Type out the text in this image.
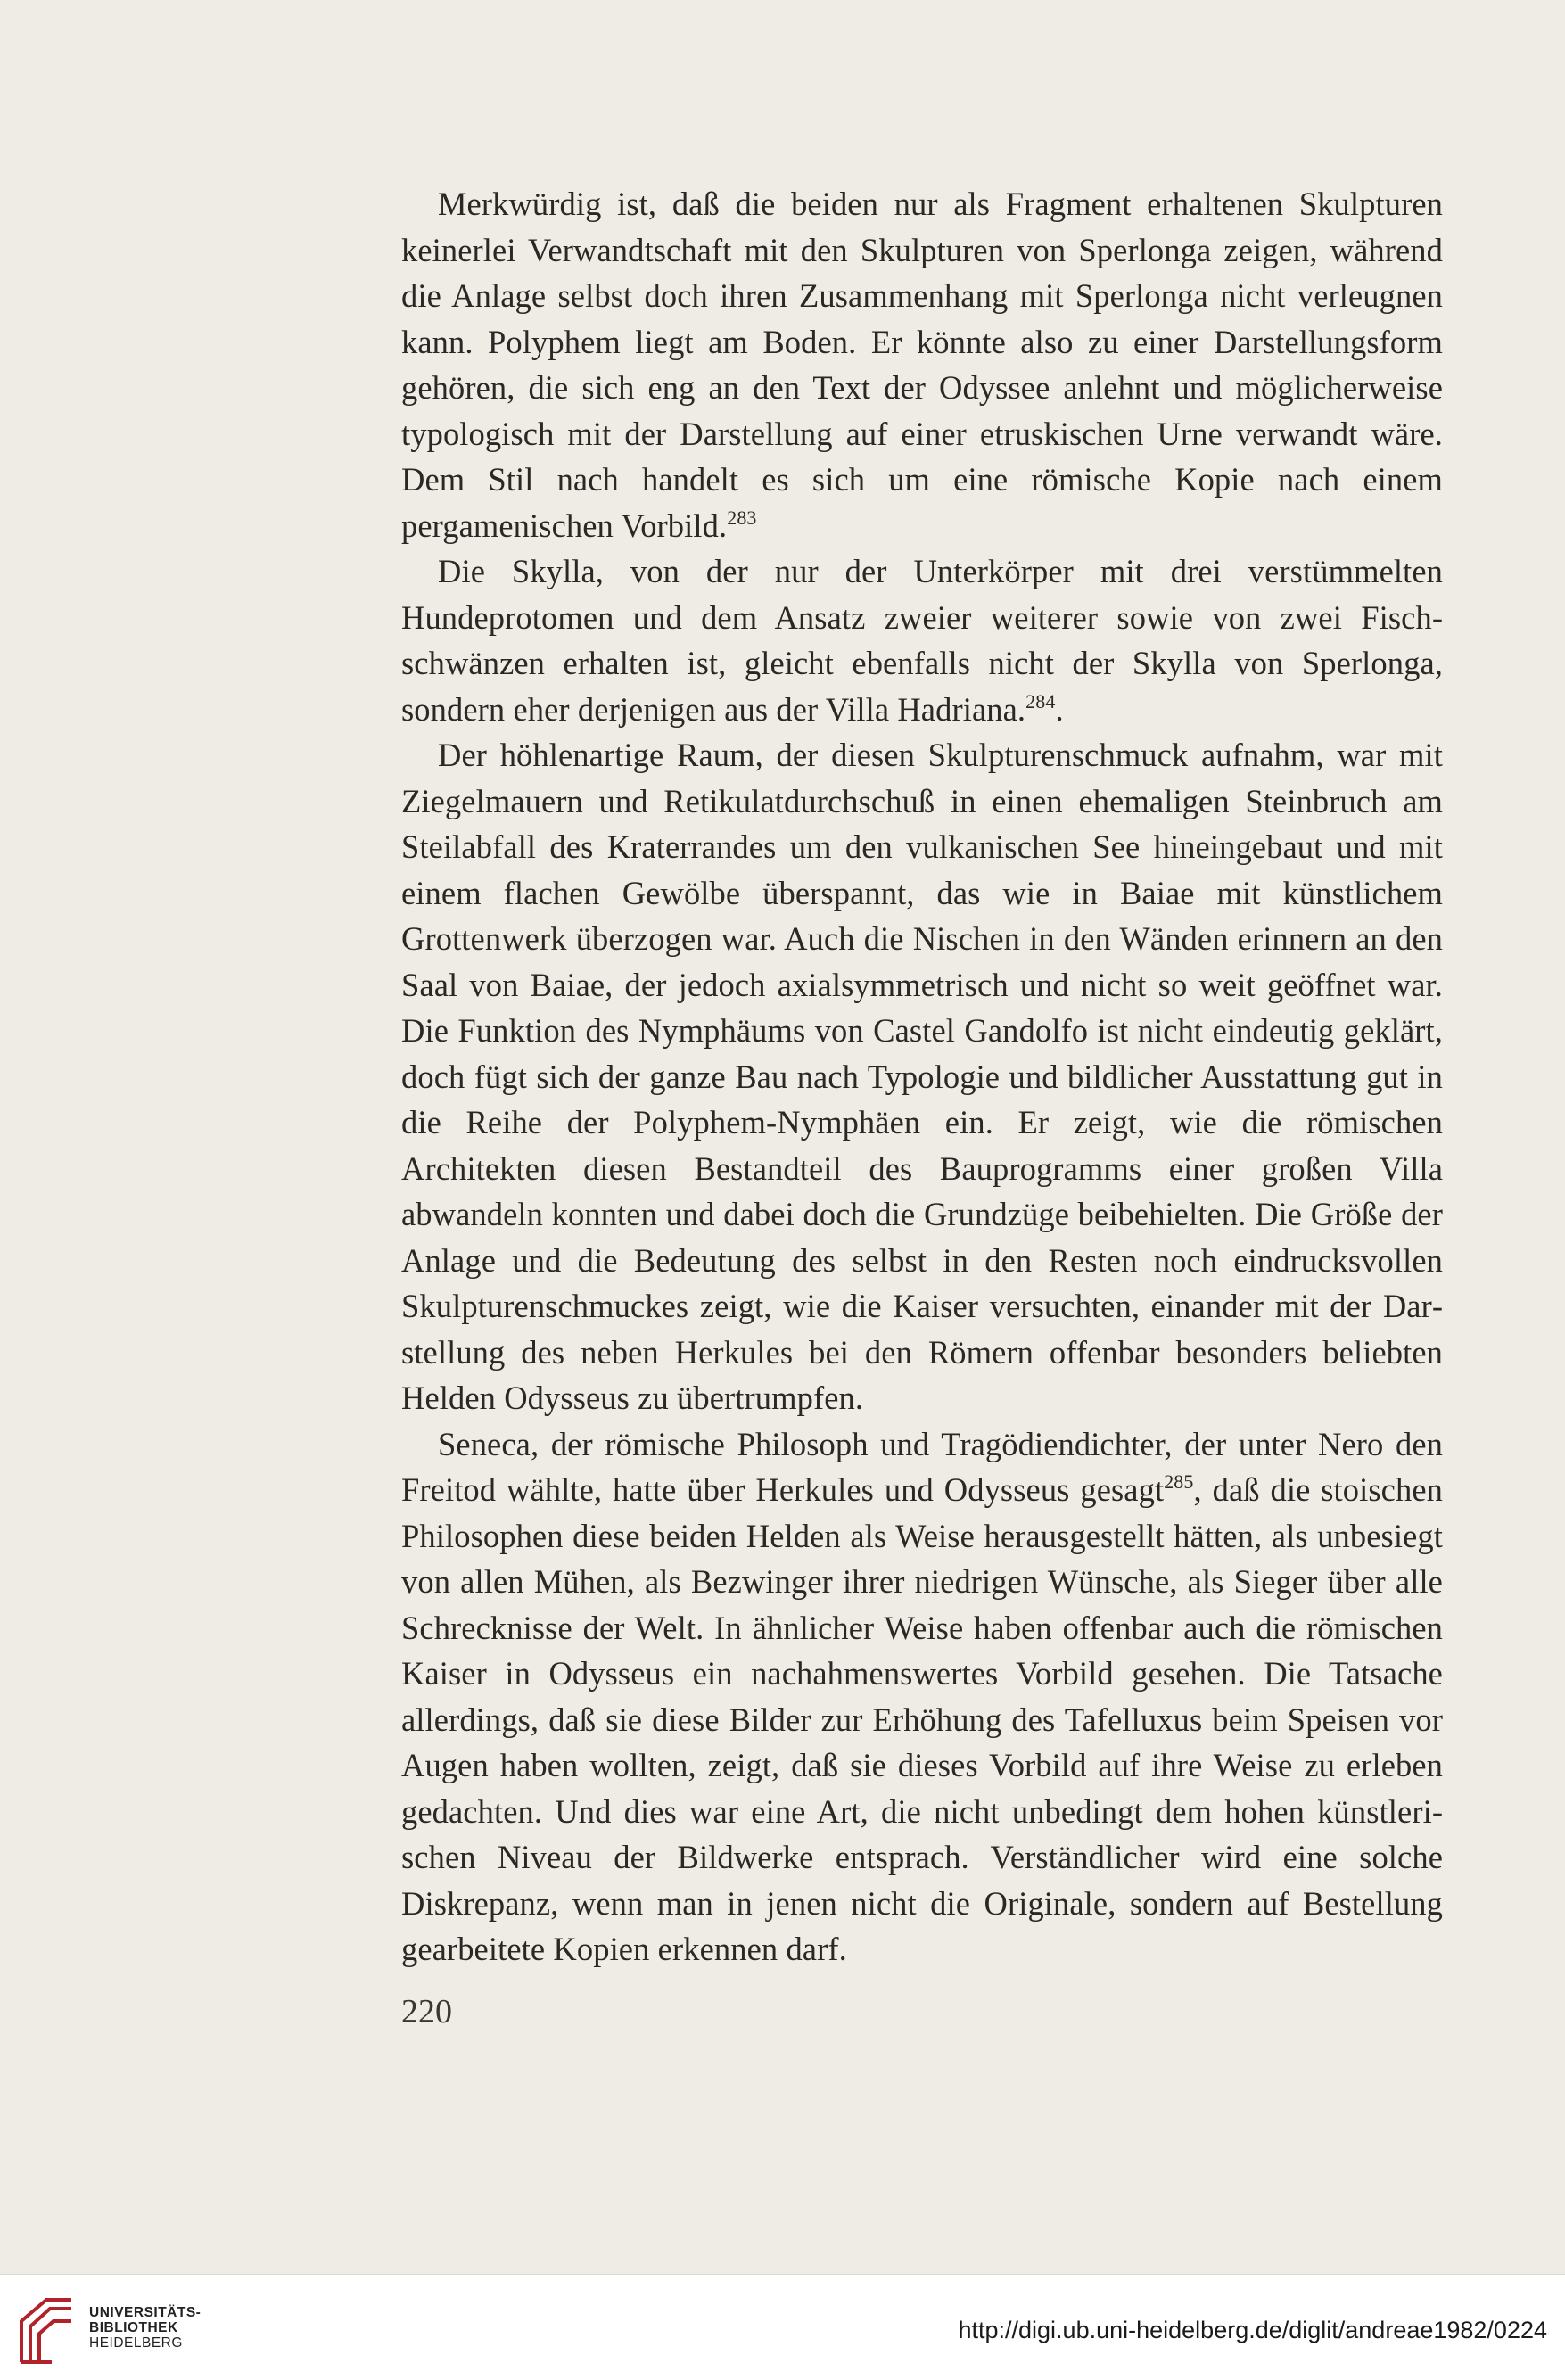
Merkwürdig ist, daß die beiden nur als Fragment erhaltenen Skulpturen keinerlei Verwandtschaft mit den Skulpturen von Sperlonga zeigen, während die Anlage selbst doch ihren Zusammenhang mit Sperlonga nicht verleugnen kann. Polyphem liegt am Boden. Er könnte also zu einer Darstellungsform gehören, die sich eng an den Text der Odyssee anlehnt und möglicherweise typologisch mit der Darstellung auf einer etruskischen Urne verwandt wäre. Dem Stil nach handelt es sich um eine römische Kopie nach einem pergamenischen Vorbild.$^{283}$

Die Skylla, von der nur der Unterkörper mit drei verstümmelten Hundeprotomen und dem Ansatz zweier weiterer sowie von zwei Fischschwänzen erhalten ist, gleicht ebenfalls nicht der Skylla von Sperlonga, sondern eher derjenigen aus der Villa Hadriana.$^{284}$.

Der höhlenartige Raum, der diesen Skulpturenschmuck aufnahm, war mit Ziegelmauern und Retikulatdurchschuß in einen ehemaligen Steinbruch am Steilabfall des Kraterrandes um den vulkanischen See hineingebaut und mit einem flachen Gewölbe überspannt, das wie in Baiae mit künstlichem Grottenwerk überzogen war. Auch die Nischen in den Wänden erinnern an den Saal von Baiae, der jedoch axialsymmetrisch und nicht so weit geöffnet war. Die Funktion des Nymphäums von Castel Gandolfo ist nicht eindeutig geklärt, doch fügt sich der ganze Bau nach Typologie und bildlicher Ausstattung gut in die Reihe der Polyphem-Nymphäen ein. Er zeigt, wie die römischen Architekten diesen Bestandteil des Bauprogramms einer großen Villa abwandeln konnten und dabei doch die Grundzüge beibehielten. Die Größe der Anlage und die Bedeutung des selbst in den Resten noch eindrucksvollen Skulpturenschmuckes zeigt, wie die Kaiser versuchten, einander mit der Darstellung des neben Herkules bei den Römern offenbar besonders beliebten Helden Odysseus zu übertrumpfen.

Seneca, der römische Philosoph und Tragödiendichter, der unter Nero den Freitod wählte, hatte über Herkules und Odysseus gesagt$^{285}$, daß die stoischen Philosophen diese beiden Helden als Weise herausgestellt hätten, als unbesiegt von allen Mühen, als Bezwinger ihrer niedrigen Wünsche, als Sieger über alle Schrecknisse der Welt. In ähnlicher Weise haben offenbar auch die römischen Kaiser in Odysseus ein nachahmenswertes Vorbild gesehen. Die Tatsache allerdings, daß sie diese Bilder zur Erhöhung des Tafelluxus beim Speisen vor Augen haben wollten, zeigt, daß sie dieses Vorbild auf ihre Weise zu erleben gedachten. Und dies war eine Art, die nicht unbedingt dem hohen künstlerischen Niveau der Bildwerke entsprach. Verständlicher wird eine solche Diskrepanz, wenn man in jenen nicht die Originale, sondern auf Bestellung gearbeitete Kopien erkennen darf.

220
UNIVERSITÄTS-
BIBLIOTHEK
HEIDELBERG	http://digi.ub.uni-heidelberg.de/diglit/andreae1982/0224
